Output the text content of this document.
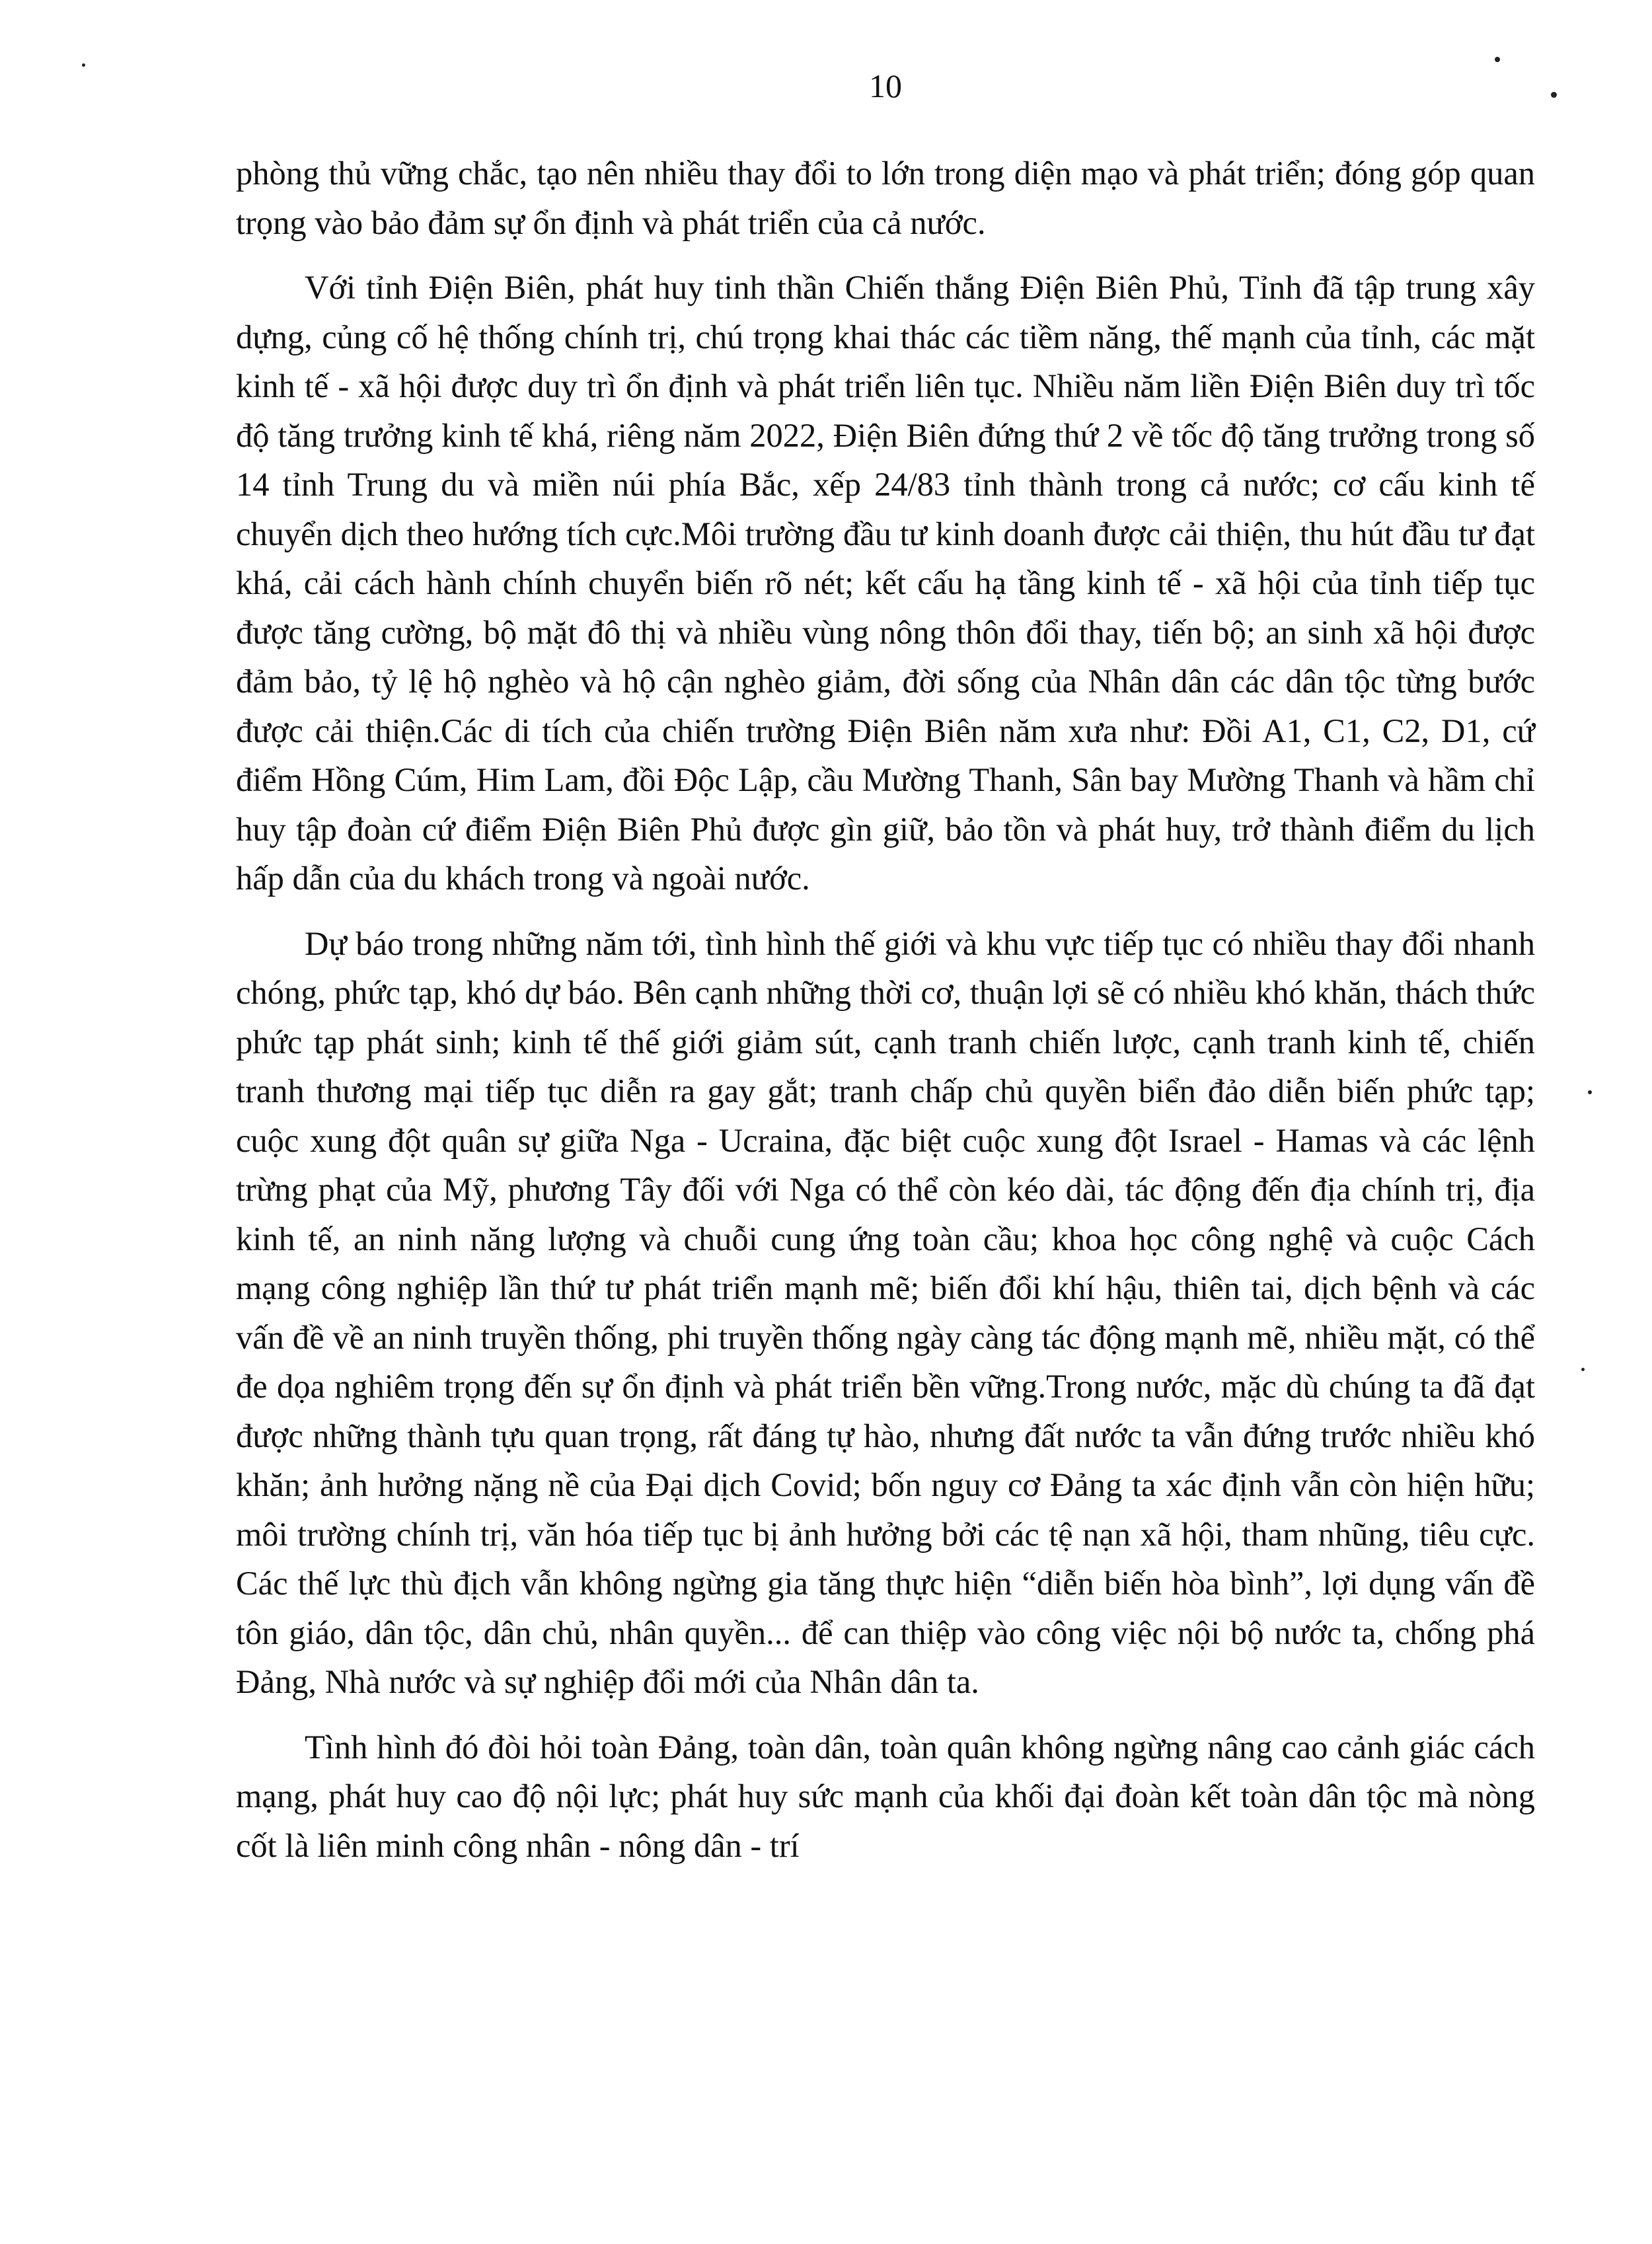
10

phòng thủ vững chắc, tạo nên nhiều thay đổi to lớn trong diện mạo và phát triển; đóng góp quan trọng vào bảo đảm sự ổn định và phát triển của cả nước.

Với tỉnh Điện Biên, phát huy tinh thần Chiến thắng Điện Biên Phủ, Tỉnh đã tập trung xây dựng, củng cố hệ thống chính trị, chú trọng khai thác các tiềm năng, thế mạnh của tỉnh, các mặt kinh tế - xã hội được duy trì ổn định và phát triển liên tục. Nhiều năm liền Điện Biên duy trì tốc độ tăng trưởng kinh tế khá, riêng năm 2022, Điện Biên đứng thứ 2 về tốc độ tăng trưởng trong số 14 tỉnh Trung du và miền núi phía Bắc, xếp 24/83 tỉnh thành trong cả nước; cơ cấu kinh tế chuyển dịch theo hướng tích cực.Môi trường đầu tư kinh doanh được cải thiện, thu hút đầu tư đạt khá, cải cách hành chính chuyển biến rõ nét; kết cấu hạ tầng kinh tế - xã hội của tỉnh tiếp tục được tăng cường, bộ mặt đô thị và nhiều vùng nông thôn đổi thay, tiến bộ; an sinh xã hội được đảm bảo, tỷ lệ hộ nghèo và hộ cận nghèo giảm, đời sống của Nhân dân các dân tộc từng bước được cải thiện.Các di tích của chiến trường Điện Biên năm xưa như: Đồi A1, C1, C2, D1, cứ điểm Hồng Cúm, Him Lam, đồi Độc Lập, cầu Mường Thanh, Sân bay Mường Thanh và hầm chỉ huy tập đoàn cứ điểm Điện Biên Phủ được gìn giữ, bảo tồn và phát huy, trở thành điểm du lịch hấp dẫn của du khách trong và ngoài nước.

Dự báo trong những năm tới, tình hình thế giới và khu vực tiếp tục có nhiều thay đổi nhanh chóng, phức tạp, khó dự báo. Bên cạnh những thời cơ, thuận lợi sẽ có nhiều khó khăn, thách thức phức tạp phát sinh; kinh tế thế giới giảm sút, cạnh tranh chiến lược, cạnh tranh kinh tế, chiến tranh thương mại tiếp tục diễn ra gay gắt; tranh chấp chủ quyền biển đảo diễn biến phức tạp; cuộc xung đột quân sự giữa Nga - Ucraina, đặc biệt cuộc xung đột Israel - Hamas và các lệnh trừng phạt của Mỹ, phương Tây đối với Nga có thể còn kéo dài, tác động đến địa chính trị, địa kinh tế, an ninh năng lượng và chuỗi cung ứng toàn cầu; khoa học công nghệ và cuộc Cách mạng công nghiệp lần thứ tư phát triển mạnh mẽ; biến đổi khí hậu, thiên tai, dịch bệnh và các vấn đề về an ninh truyền thống, phi truyền thống ngày càng tác động mạnh mẽ, nhiều mặt, có thể đe dọa nghiêm trọng đến sự ổn định và phát triển bền vững.Trong nước, mặc dù chúng ta đã đạt được những thành tựu quan trọng, rất đáng tự hào, nhưng đất nước ta vẫn đứng trước nhiều khó khăn; ảnh hưởng nặng nề của Đại dịch Covid; bốn nguy cơ Đảng ta xác định vẫn còn hiện hữu; môi trường chính trị, văn hóa tiếp tục bị ảnh hưởng bởi các tệ nạn xã hội, tham nhũng, tiêu cực. Các thế lực thù địch vẫn không ngừng gia tăng thực hiện “diễn biến hòa bình”, lợi dụng vấn đề tôn giáo, dân tộc, dân chủ, nhân quyền... để can thiệp vào công việc nội bộ nước ta, chống phá Đảng, Nhà nước và sự nghiệp đổi mới của Nhân dân ta.

Tình hình đó đòi hỏi toàn Đảng, toàn dân, toàn quân không ngừng nâng cao cảnh giác cách mạng, phát huy cao độ nội lực; phát huy sức mạnh của khối đại đoàn kết toàn dân tộc mà nòng cốt là liên minh công nhân - nông dân - trí
